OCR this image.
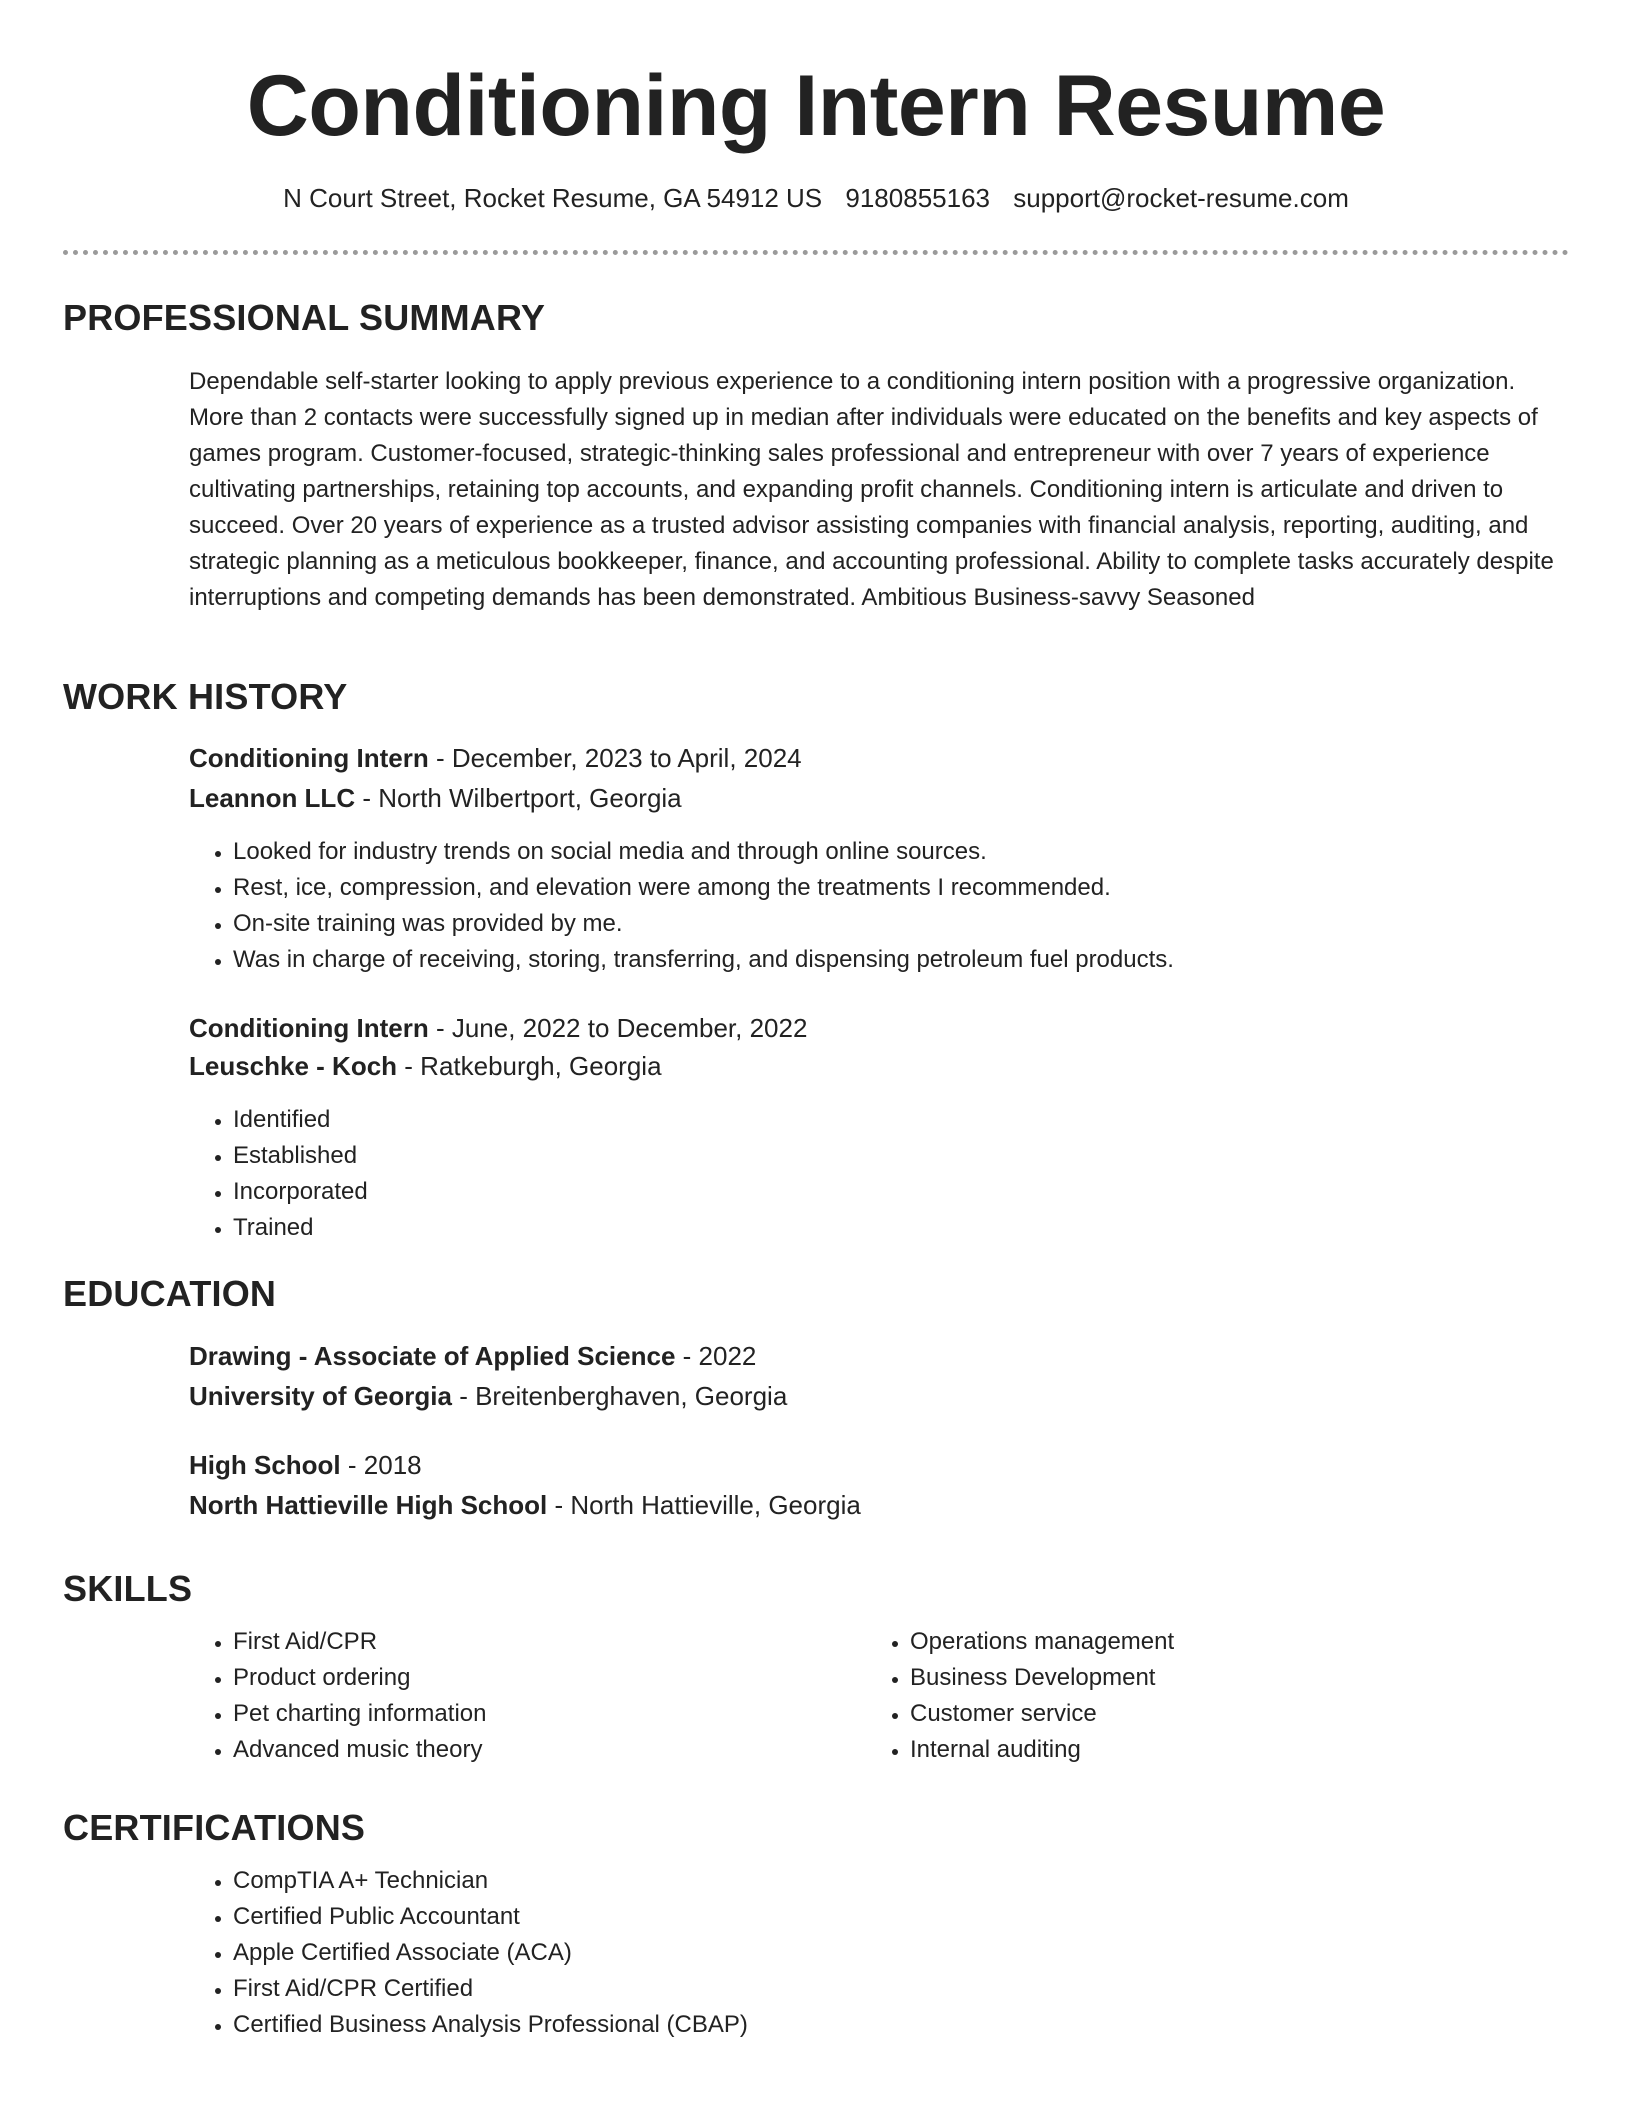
Conditioning Intern Resume
N Court Street, Rocket Resume, GA 54912 US 9180855163 support@rocket-resume.com
PROFESSIONAL SUMMARY

Dependable self-starter looking to apply previous experience to a conditioning intern position with a progressive organization. More than 2 contacts were successfully signed up in median after individuals were educated on the benefits and key aspects of games program. Customer-focused, strategic-thinking sales professional and entrepreneur with over 7 years of experience cultivating partnerships, retaining top accounts, and expanding profit channels. Conditioning intern is articulate and driven to succeed. Over 20 years of experience as a trusted advisor assisting companies with financial analysis, reporting, auditing, and strategic planning as a meticulous bookkeeper, finance, and accounting professional. Ability to complete tasks accurately despite interruptions and competing demands has been demonstrated. Ambitious Business-savvy Seasoned

WORK HISTORY
Conditioning Intern - December, 2023 to April, 2024
Leannon LLC - North Wilbertport, Georgia
• Looked for industry trends on social media and through online sources.
• Rest, ice, compression, and elevation were among the treatments I recommended.
• On-site training was provided by me.
• Was in charge of receiving, storing, transferring, and dispensing petroleum fuel products.
Conditioning Intern - June, 2022 to December, 2022
Leuschke - Koch - Ratkeburgh, Georgia
• Identified
• Established
• Incorporated
• Trained
EDUCATION
Drawing - Associate of Applied Science - 2022
University of Georgia - Breitenberghaven, Georgia
High School - 2018
North Hattieville High School - North Hattieville, Georgia
SKILLS
• First Aid/CPR
• Product ordering
• Pet charting information
• Advanced music theory
• Operations management
• Business Development
• Customer service
• Internal auditing
CERTIFICATIONS
• CompTIA A+ Technician
• Certified Public Accountant
• Apple Certified Associate (ACA)
• First Aid/CPR Certified
• Certified Business Analysis Professional (CBAP)
